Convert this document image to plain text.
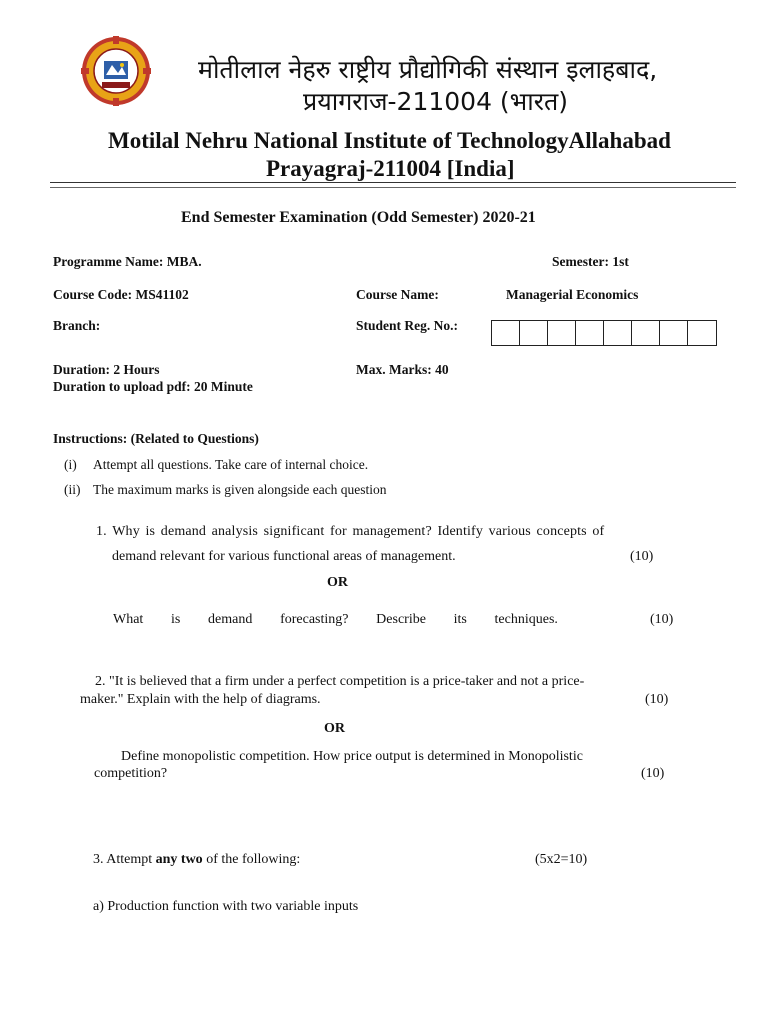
मोतीलाल नेहरु राष्ट्रीय प्रौद्योगिकी संस्थान इलाहबाद,
प्रयागराज-211004 (भारत)
Motilal Nehru National Institute of TechnologyAllahabad
Prayagraj-211004 [India]
End Semester Examination (Odd Semester) 2020-21
Programme Name: MBA.	Semester: 1st
Course Code: MS41102	Course Name:	Managerial Economics
Branch:	Student Reg. No.:
Duration: 2 Hours	Max. Marks: 40
Duration to upload pdf: 20 Minute
Instructions: (Related to Questions)
(i) Attempt all questions. Take care of internal choice.
(ii) The maximum marks is given alongside each question
1. Why is demand analysis significant for management? Identify various concepts of
demand relevant for various functional areas of management.	(10)
OR
What is demand forecasting? Describe its techniques.	(10)
2. "It is believed that a firm under a perfect competition is a price-taker and not a price-
maker." Explain with the help of diagrams.	(10)
OR
Define monopolistic competition. How price output is determined in Monopolistic
competition?	(10)
3. Attempt any two of the following:	(5x2=10)
a) Production function with two variable inputs
